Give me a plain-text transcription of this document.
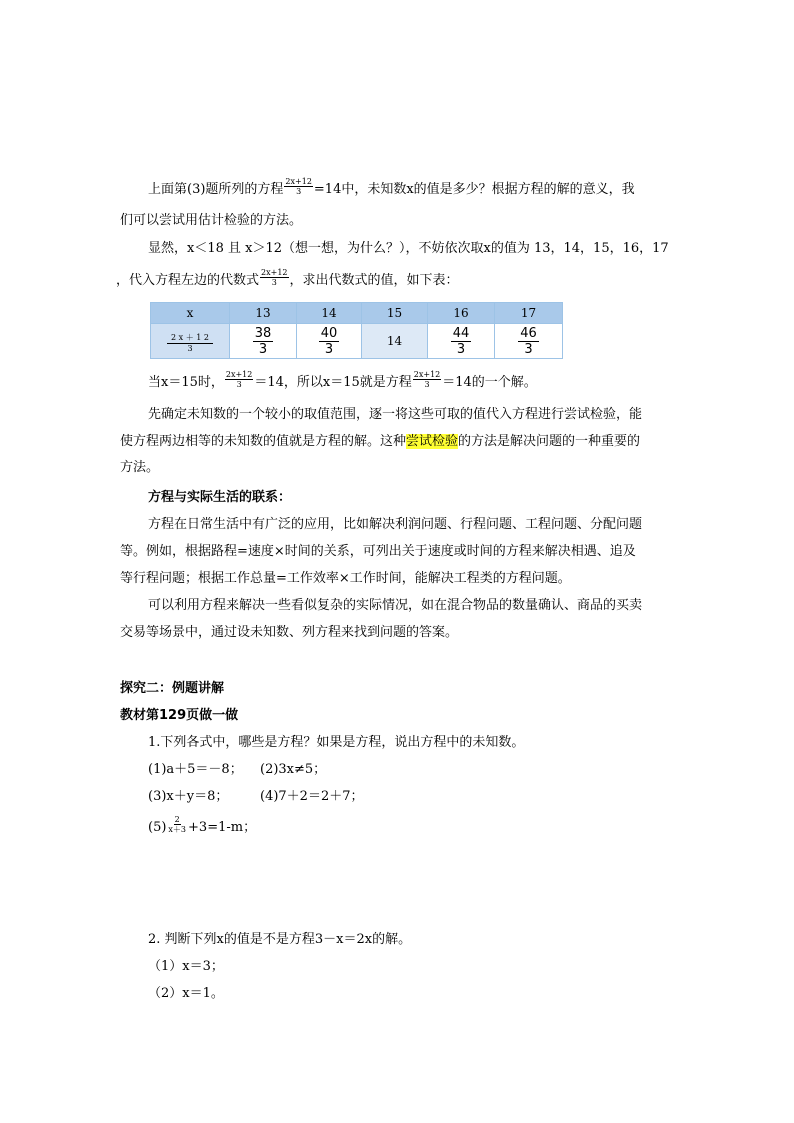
上面第(3)题所列的方程 $\frac{2x+12}{3} =14$中，未知数x的值是多少？根据方程的解的意义，我
们可以尝试用估计检验的方法。
显然，x＜18 且 x＞12（想一想，为什么？），不妨依次取x的值为 13，14，15，16，17
，代入方程左边的代数式 $\frac{2x+12}{3}$ ，求出代数式的值，如下表：
x	13	14	15	16	17

$\frac{2 x + 1 2}{3}$	$\frac{38}{3}$	$\frac{40}{3}$	14	$\frac{44}{3}$	$\frac{46}{3}$
当x＝15时， $\frac{2x+12}{3} =14$，所以x＝15就是方程 $\frac{2x+12}{3} =14$的一个解。
先确定未知数的一个较小的取值范围，逐一将这些可取的值代入方程进行尝试检验，能
使方程两边相等的未知数的值就是方程的解。这种尝试检验的方法是解决问题的一种重要的
方法。
方程与实际生活的联系：
方程在日常生活中有广泛的应用，比如解决利润问题、行程问题、工程问题、分配问题
等。例如，根据路程=速度×时间的关系，可列出关于速度或时间的方程来解决相遇、追及
等行程问题；根据工作总量=工作效率×工作时间，能解决工程类的方程问题。
可以利用方程来解决一些看似复杂的实际情况，如在混合物品的数量确认、商品的买卖
交易等场景中，通过设未知数、列方程来找到问题的答案。
探究二：例题讲解
教材第129页做一做
1.下列各式中，哪些是方程？如果是方程，说出方程中的未知数。
(1)a＋5＝－8； (2)3x≠5；
(3)x＋y＝8； (4)7＋2＝2＋7；
$(5) \frac{2}{x+3} +3=1-m$；
2. 判断下列x的值是不是方程3－x＝2x的解。
（1）x＝3；
（2）x＝1。
